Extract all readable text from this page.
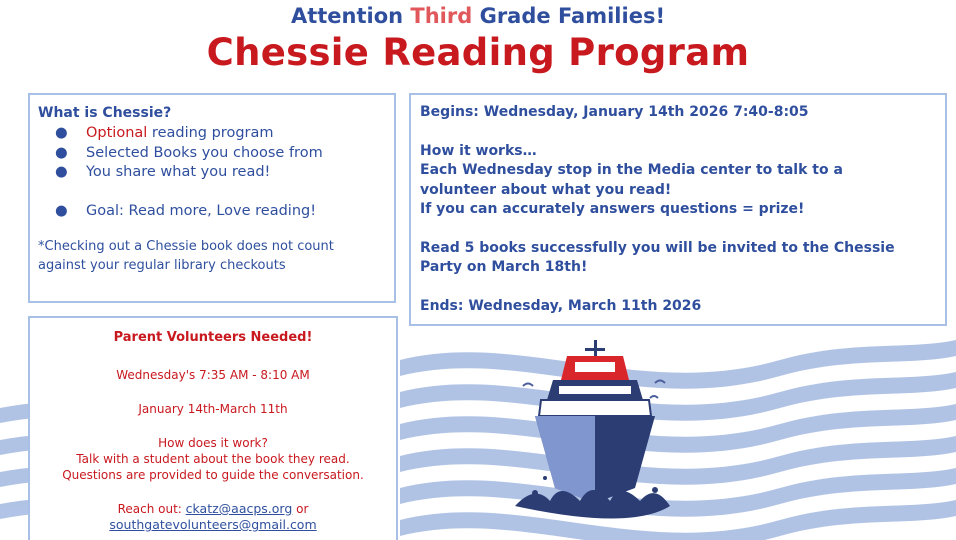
Attention Third Grade Families!
Chessie Reading Program
What is Chessie?
● Optional reading program
● Selected Books you choose from
● You share what you read!
● Goal: Read more, Love reading!
*Checking out a Chessie book does not count
against your regular library checkouts

Begins: Wednesday, January 14th 2026 7:40-8:05

How it works…

Each Wednesday stop in the Media center to talk to a

volunteer about what you read!

If you can accurately answers questions = prize!

Read 5 books successfully you will be invited to the Chessie

Party on March 18th!

Ends: Wednesday, March 11th 2026

Parent Volunteers Needed!
Wednesday's 7:35 AM - 8:10 AM
January 14th-March 11th
How does it work?
Talk with a student about the book they read.
Questions are provided to guide the conversation.
Reach out: ckatz@aacps.org or
southgatevolunteers@gmail.com
